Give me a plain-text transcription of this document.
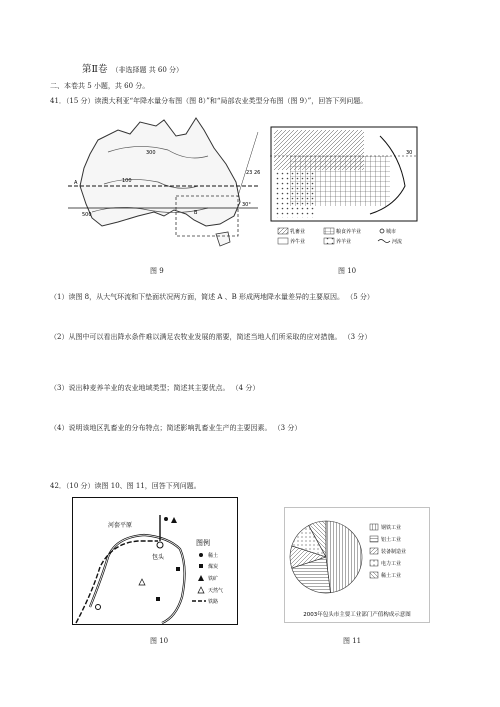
第Ⅱ卷 （非选择题 共 60 分）
二、本卷共 5 小题，共 60 分。
41．（15 分）读澳大利亚“年降水量分布图（图 8）”和“局部农业类型分布图（图 9）”，回答下列问题。
300
100
500
A
23 26
30°
B
30
乳畜业	粮食养羊业	城市
养牛业	养羊业	河流
图 9	图 10
（1）读图 8，从大气环流和下垫面状况两方面，简述 A 、B 形成两地降水量差异的主要原因。 （5 分）
（2）从图中可以看出降水条件难以满足农牧业发展的需要，简述当地人们所采取的应对措施。 （3 分）
（3）说出种麦养羊业的农业地域类型；简述其主要优点。 （4 分）
（4）说明该地区乳畜业的分布特点；简述影响乳畜业生产的主要因素。 （3 分）
42．（10 分）读图 10、图 11，回答下列问题。
河套平原
包头
图例
稀土
煤炭
铁矿
天然气
铁路
钢铁工业
铝土工业
装备制造业
电力工业
稀土工业
2003年包头市主要工业部门产值构成示意图
图 10	图 11
